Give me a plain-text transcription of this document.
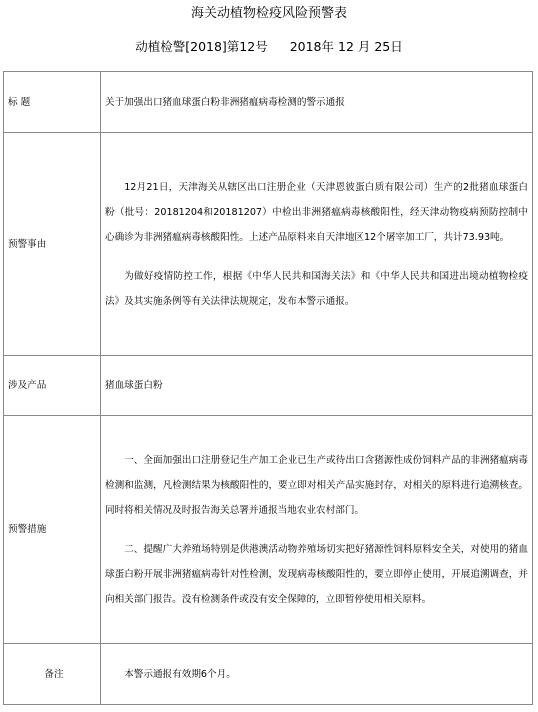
海关动植物检疫风险预警表
动植检警[2018]第12号 2018年 12 月 25日
标 题	关于加强出口猪血球蛋白粉非洲猪瘟病毒检测的警示通报
预警事由	12月21日，天津海关从辖区出口注册企业（天津恩彼蛋白质有限公司）生产的2批猪血球蛋白粉（批号：20181204和20181207）中检出非洲猪瘟病毒核酸阳性，经天津动物疫病预防控制中心确诊为非洲猪瘟病毒核酸阳性。上述产品原料来自天津地区12个屠宰加工厂，共计73.93吨。

为做好疫情防控工作，根据《中华人民共和国海关法》和《中华人民共和国进出境动植物检疫法》及其实施条例等有关法律法规规定，发布本警示通报。

涉及产品	猪血球蛋白粉

预警措施	一、全面加强出口注册登记生产加工企业已生产或待出口含猪源性成份饲料产品的非洲猪瘟病毒检测和监测，凡检测结果为核酸阳性的，要立即对相关产品实施封存，对相关的原料进行追溯核查。同时将相关情况及时报告海关总署并通报当地农业农村部门。

二、提醒广大养殖场特别是供港澳活动物养殖场切实把好猪源性饲料原料安全关，对使用的猪血球蛋白粉开展非洲猪瘟病毒针对性检测，发现病毒核酸阳性的，要立即停止使用，开展追溯调查，并向相关部门报告。没有检测条件或没有安全保障的，立即暂停使用相关原料。

备注	本警示通报有效期6个月。
